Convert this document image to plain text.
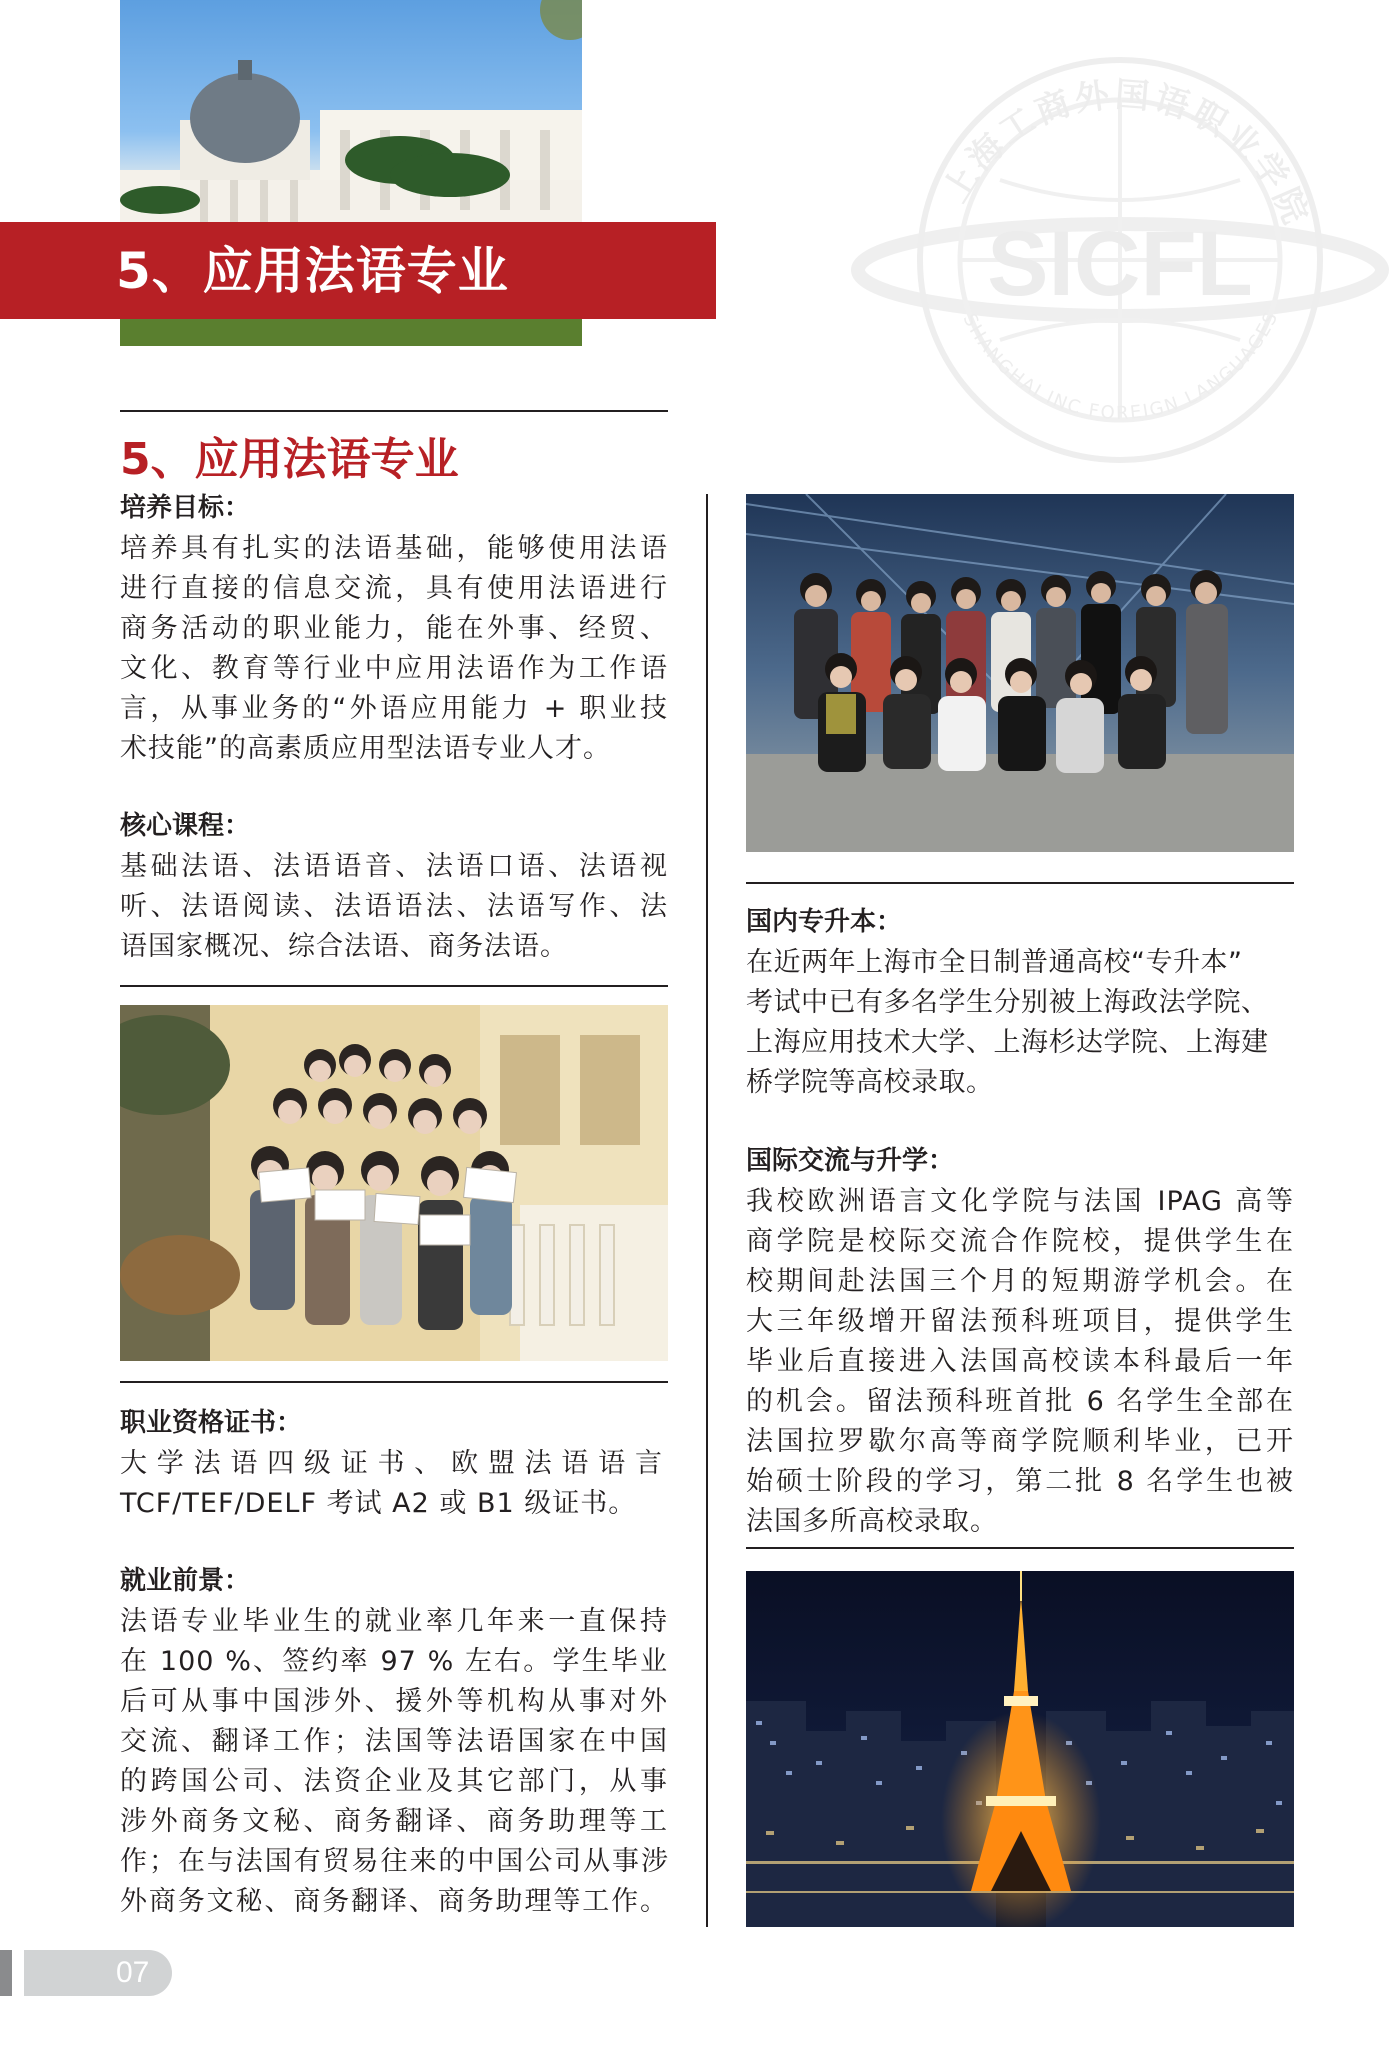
5、应用法语专业	SICFL
上海工商外国语职业学院
SHANGHAI INC FOREIGN LANGUAGES
5、应用法语专业
培养目标：
培养具有扎实的法语基础，能够使用法语
进行直接的信息交流，具有使用法语进行
商务活动的职业能力，能在外事、经贸、
文化、教育等行业中应用法语作为工作语
言，从事业务的“外语应用能力 + 职业技
术技能”的高素质应用型法语专业人才。
核心课程：
基础法语、法语语音、法语口语、法语视
听、法语阅读、法语语法、法语写作、法
语国家概况、综合法语、商务法语。
职业资格证书：
大学法语四级证书、欧盟法语语言
TCF/TEF/DELF 考试 A2 或 B1 级证书。
就业前景：
法语专业毕业生的就业率几年来一直保持
在 100 %、签约率 97 % 左右。学生毕业
后可从事中国涉外、援外等机构从事对外
交流、翻译工作；法国等法语国家在中国
的跨国公司、法资企业及其它部门，从事
涉外商务文秘、商务翻译、商务助理等工
作；在与法国有贸易往来的中国公司从事涉
外商务文秘、商务翻译、商务助理等工作。
国内专升本：
在近两年上海市全日制普通高校“专升本”
考试中已有多名学生分别被上海政法学院、
上海应用技术大学、上海杉达学院、上海建
桥学院等高校录取。
国际交流与升学：
我校欧洲语言文化学院与法国 IPAG 高等
商学院是校际交流合作院校，提供学生在
校期间赴法国三个月的短期游学机会。在
大三年级增开留法预科班项目，提供学生
毕业后直接进入法国高校读本科最后一年
的机会。留法预科班首批 6 名学生全部在
法国拉罗歇尔高等商学院顺利毕业，已开
始硕士阶段的学习，第二批 8 名学生也被
法国多所高校录取。
07
